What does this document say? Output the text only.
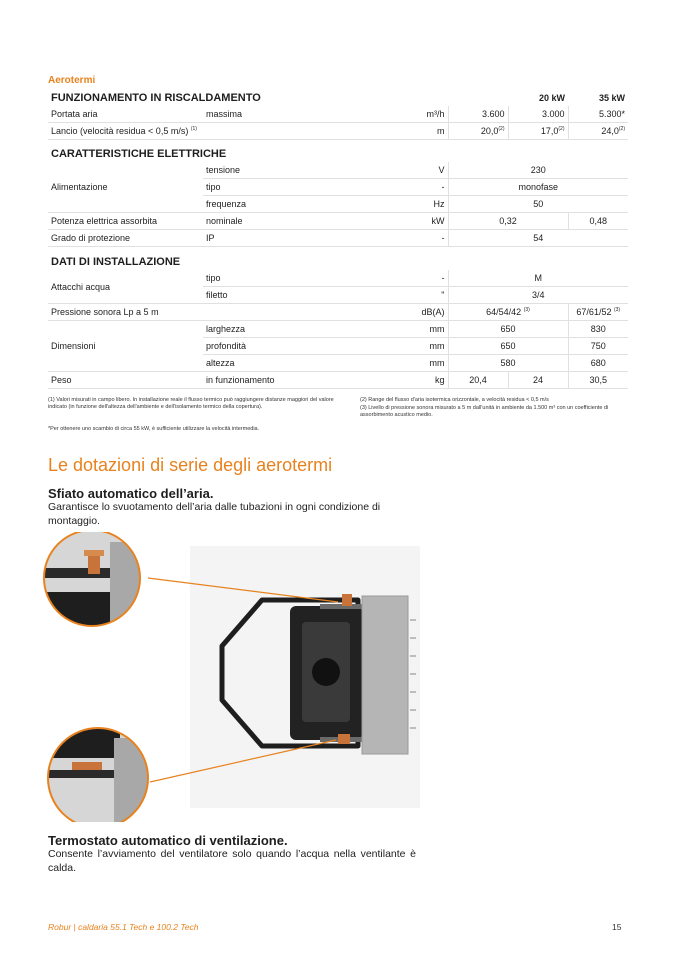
Aerotermi
FUNZIONAMENTO IN RISCALDAMENTO				20 kW	35 kW	
Portata aria	massima	m³/h	3.600	3.000	5.300*	
Lancio (velocità residua < 0,5 m/s) $^{(1)}$		m	20,0$^{(2)}$	17,0$^{(2)}$	24,0$^{(2)}$
CARATTERISTICHE ELETTRICHE				
Alimentazione	tensione	V	230	
	tipo	-	monofase	
	frequenza	Hz	50	
Potenza elettrica assorbita	nominale	kW	0,32	0,48
Grado di protezione	IP	-	54	
DATI DI INSTALLAZIONE					
Attacchi acqua	tipo	-	M		
	filetto	"	3/4		
Pressione sonora Lp a 5 m		dB(A)	64/54/42 $^{(3)}$		67/61/52 $^{(3)}$
Dimensioni	larghezza	mm	650		830
	profondità	mm	650		750
	altezza	mm	580		680
Peso	in funzionamento	kg	20,4	24	30,5
(1) Valori misurati in campo libero. In installazione reale il flusso termico può raggiungere distanze maggiori del valore indicato (in funzione dell'altezza dell'ambiente e dell'isolamento termico della copertura).
(2) Range del flusso d'aria isotermica orizzontale, a velocità residua < 0,5 m/s
(3) Livello di pressione sonora misurato a 5 m dall'unità in ambiente da 1.500 m³ con un coefficiente di assorbimento acustico medio.
*Per ottenere uno scambio di circa 55 kW, è sufficiente utilizzare la velocità intermedia.
Le dotazioni di serie degli aerotermi
Sfiato automatico dell’aria.
Garantisce lo svuotamento dell’aria dalle tubazioni in ogni condizione di montaggio.
Termostato automatico di ventilazione.
Consente l’avviamento del ventilatore solo quando l’acqua nella ventilante è calda.
Robur | caldaria 55.1 Tech e 100.2 Tech	15
